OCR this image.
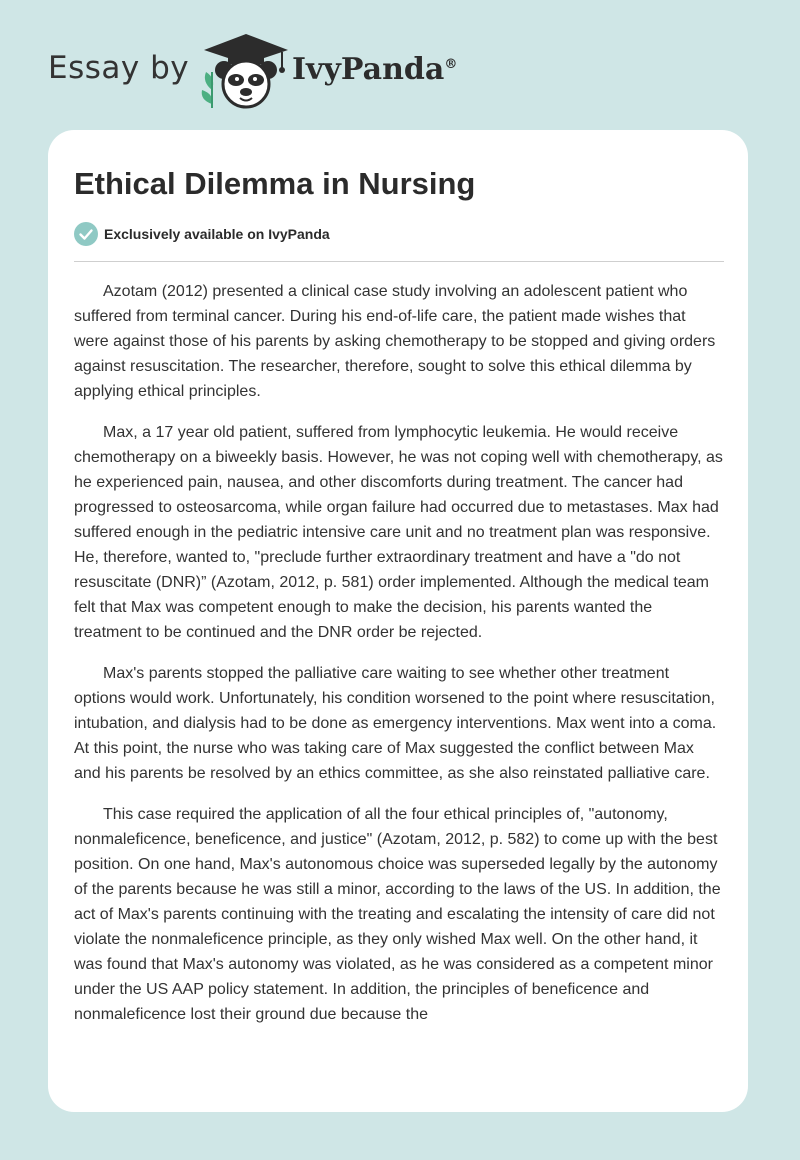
Essay by	IvyPanda®
Ethical Dilemma in Nursing
Exclusively available on IvyPanda

Azotam (2012) presented a clinical case study involving an adolescent patient who suffered from terminal cancer. During his end-of-life care, the patient made wishes that were against those of his parents by asking chemotherapy to be stopped and giving orders against resuscitation. The researcher, therefore, sought to solve this ethical dilemma by applying ethical principles.

Max, a 17 year old patient, suffered from lymphocytic leukemia. He would receive chemotherapy on a biweekly basis. However, he was not coping well with chemotherapy, as he experienced pain, nausea, and other discomforts during treatment. The cancer had progressed to osteosarcoma, while organ failure had occurred due to metastases. Max had suffered enough in the pediatric intensive care unit and no treatment plan was responsive. He, therefore, wanted to, "preclude further extraordinary treatment and have a "do not resuscitate (DNR)” (Azotam, 2012, p. 581) order implemented. Although the medical team felt that Max was competent enough to make the decision, his parents wanted the treatment to be continued and the DNR order be rejected.

Max's parents stopped the palliative care waiting to see whether other treatment options would work. Unfortunately, his condition worsened to the point where resuscitation, intubation, and dialysis had to be done as emergency interventions. Max went into a coma. At this point, the nurse who was taking care of Max suggested the conflict between Max and his parents be resolved by an ethics committee, as she also reinstated palliative care.

This case required the application of all the four ethical principles of, "autonomy, nonmaleficence, beneficence, and justice" (Azotam, 2012, p. 582) to come up with the best position. On one hand, Max's autonomous choice was superseded legally by the autonomy of the parents because he was still a minor, according to the laws of the US. In addition, the act of Max's parents continuing with the treating and escalating the intensity of care did not violate the nonmaleficence principle, as they only wished Max well. On the other hand, it was found that Max's autonomy was violated, as he was considered as a competent minor under the US AAP policy statement. In addition, the principles of beneficence and nonmaleficence lost their ground due because the
